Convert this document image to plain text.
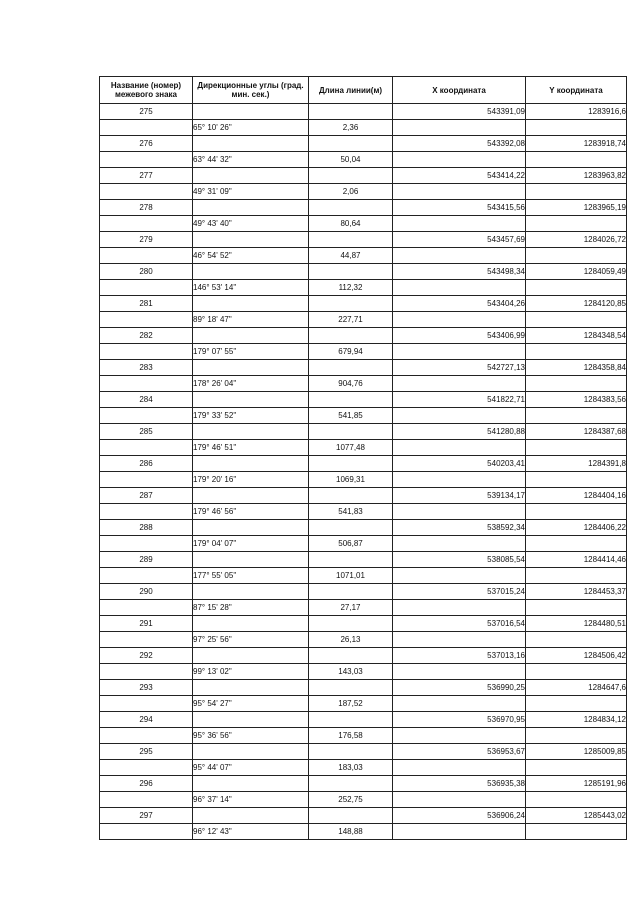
Название (номер) межевого знака	Дирекционные углы (град. мин. сек.)	Длина линии(м)	X координата	Y координата
275			543391,09	1283916,6
	65° 10' 26"	2,36		
276			543392,08	1283918,74
	63° 44' 32"	50,04		
277			543414,22	1283963,82
	49° 31' 09"	2,06		
278			543415,56	1283965,19
	49° 43' 40"	80,64		
279			543457,69	1284026,72
	46° 54' 52"	44,87		
280			543498,34	1284059,49
	146° 53' 14"	112,32		
281			543404,26	1284120,85
	89° 18' 47"	227,71		
282			543406,99	1284348,54
	179° 07' 55"	679,94		
283			542727,13	1284358,84
	178° 26' 04"	904,76		
284			541822,71	1284383,56
	179° 33' 52"	541,85		
285			541280,88	1284387,68
	179° 46' 51"	1077,48		
286			540203,41	1284391,8
	179° 20' 16"	1069,31		
287			539134,17	1284404,16
	179° 46' 56"	541,83		
288			538592,34	1284406,22
	179° 04' 07"	506,87		
289			538085,54	1284414,46
	177° 55' 05"	1071,01		
290			537015,24	1284453,37
	87° 15' 28"	27,17		
291			537016,54	1284480,51
	97° 25' 56"	26,13		
292			537013,16	1284506,42
	99° 13' 02"	143,03		
293			536990,25	1284647,6
	95° 54' 27"	187,52		
294			536970,95	1284834,12
	95° 36' 56"	176,58		
295			536953,67	1285009,85
	95° 44' 07"	183,03		
296			536935,38	1285191,96
	96° 37' 14"	252,75		
297			536906,24	1285443,02
	96° 12' 43"	148,88		
